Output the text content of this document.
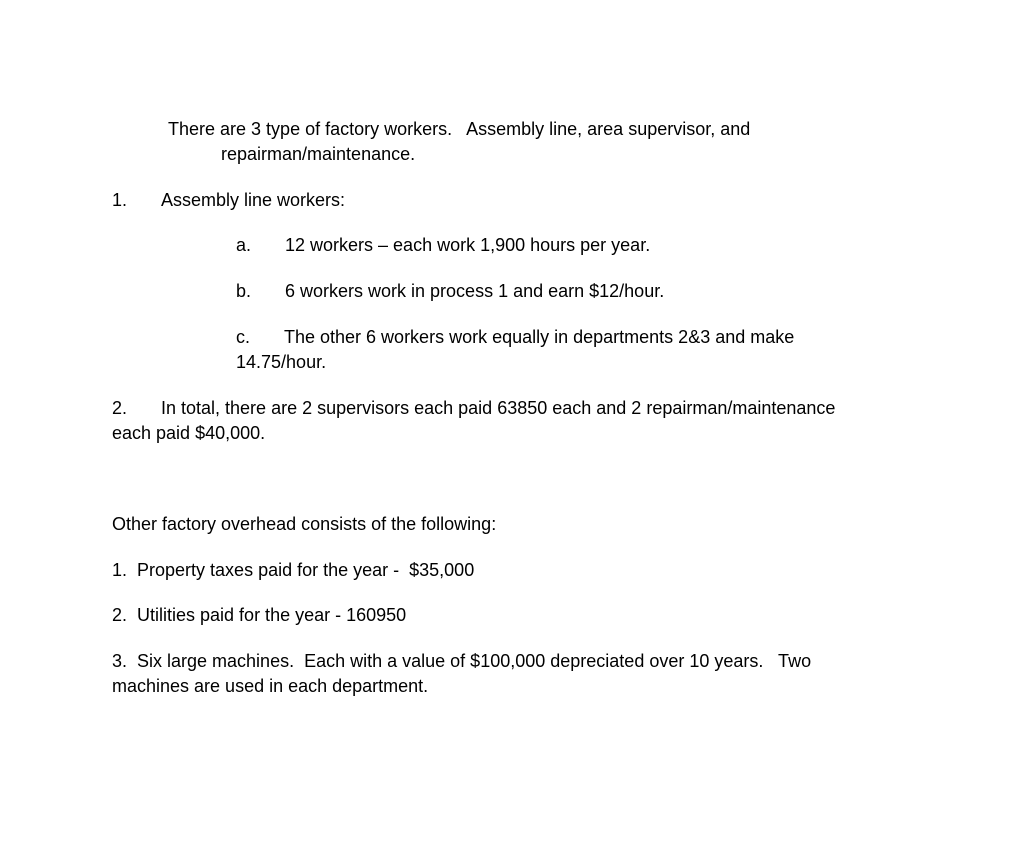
There are 3 type of factory workers.   Assembly line, area supervisor, and
repairman/maintenance.
1. Assembly line workers:
a. 12 workers – each work 1,900 hours per year.
b. 6 workers work in process 1 and earn $12/hour.
c. The other 6 workers work equally in departments 2&3 and make
14.75/hour.
2. In total, there are 2 supervisors each paid 63850 each and 2 repairman/maintenance
each paid $40,000.
Other factory overhead consists of the following:
1.  Property taxes paid for the year -  $35,000
2.  Utilities paid for the year - 160950
3.  Six large machines.  Each with a value of $100,000 depreciated over 10 years.   Two
machines are used in each department.
